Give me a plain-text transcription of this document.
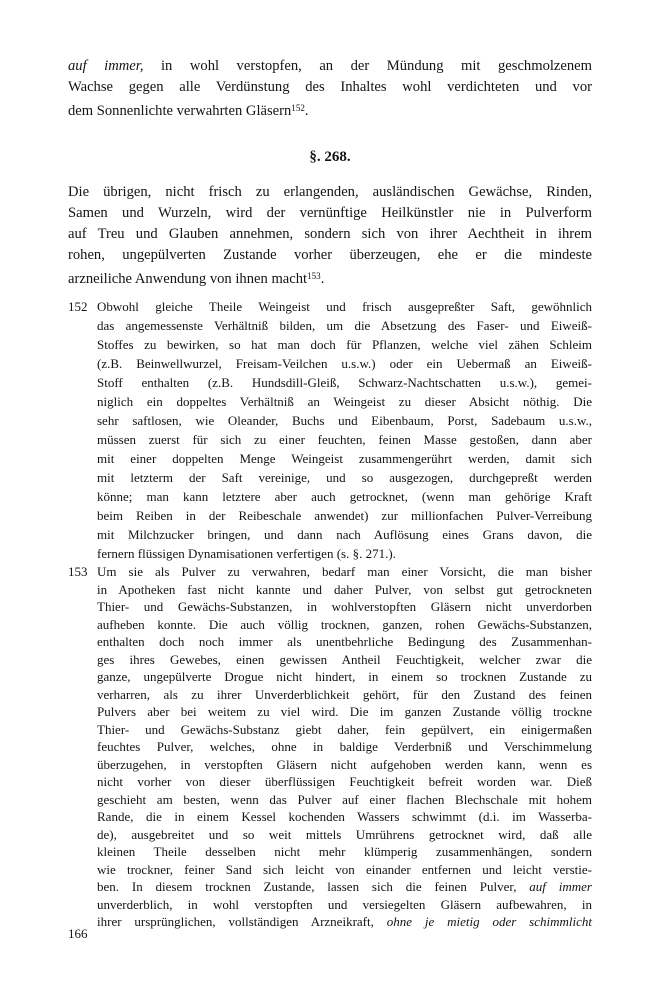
auf immer, in wohl verstopfen, an der Mündung mit geschmolzenem
Wachse gegen alle Verdünstung des Inhaltes wohl verdichteten und vor
dem Sonnenlichte verwahrten Gläsern$^{152}$.
§. 268.
Die übrigen, nicht frisch zu erlangenden, ausländischen Gewächse, Rinden,
Samen und Wurzeln, wird der vernünftige Heilkünstler nie in Pulverform
auf Treu und Glauben annehmen, sondern sich von ihrer Aechtheit in ihrem
rohen, ungepülverten Zustande vorher überzeugen, ehe er die mindeste
arzneiliche Anwendung von ihnen macht$^{153}$.
152 Obwohl gleiche Theile Weingeist und frisch ausgepreßter Saft, gewöhnlich
das angemessenste Verhältniß bilden, um die Absetzung des Faser- und Eiweiß-
Stoffes zu bewirken, so hat man doch für Pflanzen, welche viel zähen Schleim
(z.B. Beinwellwurzel, Freisam-Veilchen u.s.w.) oder ein Uebermaß an Eiweiß-
Stoff enthalten (z.B. Hundsdill-Gleiß, Schwarz-Nachtschatten u.s.w.), gemei-
niglich ein doppeltes Verhältniß an Weingeist zu dieser Absicht nöthig. Die
sehr saftlosen, wie Oleander, Buchs und Eibenbaum, Porst, Sadebaum u.s.w.,
müssen zuerst für sich zu einer feuchten, feinen Masse gestoßen, dann aber
mit einer doppelten Menge Weingeist zusammengerührt werden, damit sich
mit letzterm der Saft vereinige, und so ausgezogen, durchgepreßt werden
könne; man kann letztere aber auch getrocknet, (wenn man gehörige Kraft
beim Reiben in der Reibeschale anwendet) zur millionfachen Pulver-Verreibung
mit Milchzucker bringen, und dann nach Auflösung eines Grans davon, die
fernern flüssigen Dynamisationen verfertigen (s. §. 271.).
153 Um sie als Pulver zu verwahren, bedarf man einer Vorsicht, die man bisher
in Apotheken fast nicht kannte und daher Pulver, von selbst gut getrockneten
Thier- und Gewächs-Substanzen, in wohlverstopften Gläsern nicht unverdorben
aufheben konnte. Die auch völlig trocknen, ganzen, rohen Gewächs-Substanzen,
enthalten doch noch immer als unentbehrliche Bedingung des Zusammenhan-
ges ihres Gewebes, einen gewissen Antheil Feuchtigkeit, welcher zwar die
ganze, ungepülverte Drogue nicht hindert, in einem so trocknen Zustande zu
verharren, als zu ihrer Unverderblichkeit gehört, für den Zustand des feinen
Pulvers aber bei weitem zu viel wird. Die im ganzen Zustande völlig trockne
Thier- und Gewächs-Substanz giebt daher, fein gepülvert, ein einigermaßen
feuchtes Pulver, welches, ohne in baldige Verderbniß und Verschimmelung
überzugehen, in verstopften Gläsern nicht aufgehoben werden kann, wenn es
nicht vorher von dieser überflüssigen Feuchtigkeit befreit worden war. Dieß
geschieht am besten, wenn das Pulver auf einer flachen Blechschale mit hohem
Rande, die in einem Kessel kochenden Wassers schwimmt (d.i. im Wasserba-
de), ausgebreitet und so weit mittels Umrührens getrocknet wird, daß alle
kleinen Theile desselben nicht mehr klümperig zusammenhängen, sondern
wie trockner, feiner Sand sich leicht von einander entfernen und leicht verstie-
ben. In diesem trocknen Zustande, lassen sich die feinen Pulver, auf immer
unverderblich, in wohl verstopften und versiegelten Gläsern aufbewahren, in
ihrer ursprünglichen, vollständigen Arzneikraft, ohne je mietig oder schimmlicht
166
